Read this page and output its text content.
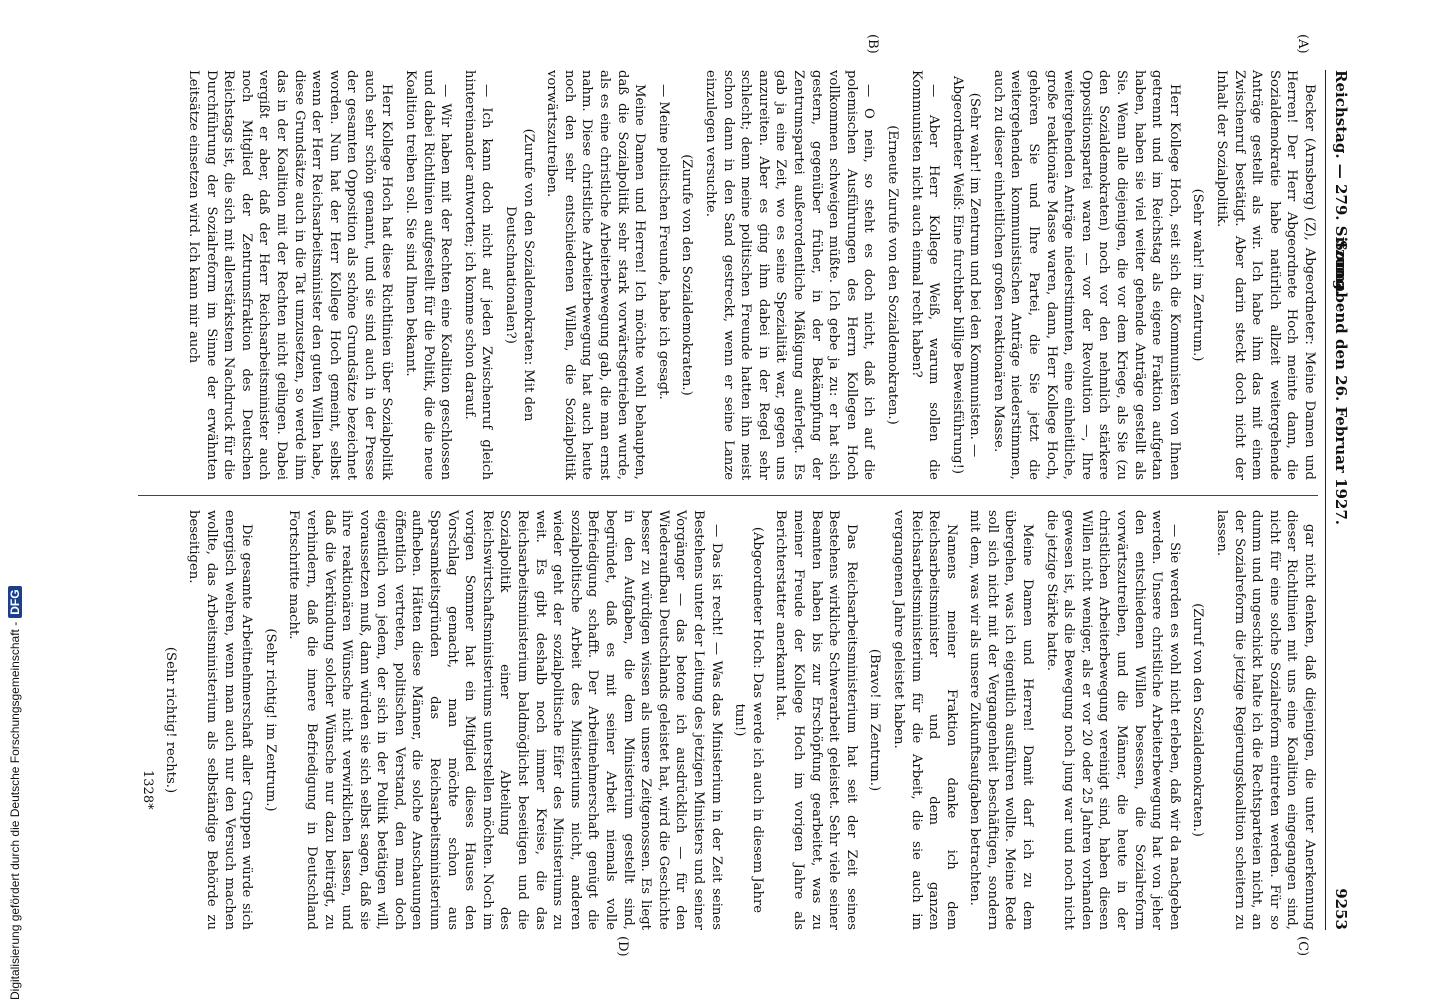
Reichstag. — 279. Sitzung.
Sonnabend den 26. Februar 1927.
9253

Becker (Arnsberg) (Z), Abgeordneter: Meine Damen und Herren! Der Herr Abgeordnete Hoch meinte dann, die Sozialdemokratie habe natürlich allzeit weitergehende Anträge gestellt als wir. Ich habe ihm das mit einem Zwischenruf bestätigt. Aber darin steckt doch nicht der Inhalt der Sozialpolitik.

(Sehr wahr! im Zentrum.)

Herr Kollege Hoch, seit sich die Kommunisten von Ihnen getrennt und im Reichstag als eigene Fraktion aufgetan haben, haben sie viel weiter gehende Anträge gestellt als Sie. Wenn alle diejenigen, die vor dem Kriege, als Sie (zu den Sozialdemokraten) noch vor den nehmlich stärkere Oppositionspartei waren — vor der Revolution —, Ihre weitergehenden Anträge niederstimmten, eine einheitliche, große reaktionäre Masse waren, dann, Herr Kollege Hoch, gehören Sie und Ihre Partei, die Sie jetzt die weitergehenden kommunistischen Anträge niederstimmen, auch zu dieser einheitlichen großen reaktionären Masse.

(Sehr wahr! im Zentrum und bei den Kommunisten. — Abgeordneter Weiß: Eine furchtbar billige Beweisführung!)

— Aber Herr Kollege Weiß, warum sollen die Kommunisten nicht auch einmal recht haben?

(Erneute Zurufe von den Sozialdemokraten.)

— O nein, so steht es doch nicht, daß ich auf die polemischen Ausführungen des Herrn Kollegen Hoch vollkommen schweigen müßte. Ich gebe ja zu: er hat sich gestern, gegenüber früher, in der Bekämpfung der Zentrumspartei außerordentliche Mäßigung auferlegt. Es gab ja eine Zeit, wo es seine Spezialität war, gegen uns anzureiten. Aber es ging ihm dabei in der Regel sehr schlecht; denn meine politischen Freunde hatten ihn meist schon dann in den Sand gestreckt, wenn er seine Lanze einzulegen versuchte.

(Zurufe von den Sozialdemokraten.)

— Meine politischen Freunde, habe ich gesagt.

Meine Damen und Herren! Ich möchte wohl behaupten, daß die Sozialpolitik sehr stark vorwärtsgetrieben wurde, als es eine christliche Arbeiterbewegung gab, die man ernst nahm. Diese christliche Arbeiterbewegung hat auch heute noch den sehr entschiedenen Willen, die Sozialpolitik vorwärtszutreiben.

(Zurufe von den Sozialdemokraten: Mit den Deutschnationalen?)

— Ich kann doch nicht auf jeden Zwischenruf gleich hintereinander antworten; ich komme schon darauf.

— Wir haben mit der Rechten eine Koalition geschlossen und dabei Richtlinien aufgestellt für die Politik, die die neue Koalition treiben soll. Sie sind Ihnen bekannt.

Herr Kollege Hoch hat diese Richtlinien über Sozialpolitik auch sehr schön genannt, und sie sind auch in der Presse der gesamten Opposition als schöne Grundsätze bezeichnet worden. Nun hat der Herr Kollege Hoch gemeint, selbst wenn der Herr Reichsarbeitsminister den guten Willen habe, diese Grundsätze auch in die Tat umzusetzen, so werde ihm das in der Koalition mit der Rechten nicht gelingen. Dabei vergißt er aber, daß der Herr Reichsarbeitsminister auch noch Mitglied der Zentrumsfraktion des Deutschen Reichstags ist, die sich mit allerstärkstem Nachdruck für die Durchführung der Sozialreform im Sinne der erwähnten Leitsätze einsetzen wird. Ich kann mir auch

gar nicht denken, daß diejenigen, die unter Anerkennung dieser Richtlinien mit uns eine Koalition eingegangen sind, nicht für eine solche Sozialreform eintreten werden. Für so dumm und ungeschickt halte ich die Rechtsparteien nicht, an der Sozialreform die jetzige Regierungskoalition scheitern zu lassen.

(Zuruf von den Sozialdemokraten.)

— Sie werden es wohl nicht erleben, daß wir da nachgeben werden. Unsere christliche Arbeiterbewegung hat von jeher den entschiedenen Willen besessen, die Sozialreform vorwärtszutreiben, und die Männer, die heute in der christlichen Arbeiterbewegung vereinigt sind, haben diesen Willen nicht weniger, als er vor 20 oder 25 Jahren vorhanden gewesen ist, als die Bewegung noch jung war und noch nicht die jetzige Stärke hatte.

Meine Damen und Herren! Damit darf ich zu dem übergehen, was ich eigentlich ausführen wollte. Meine Rede soll sich nicht mit der Vergangenheit beschäftigen, sondern mit dem, was wir als unsere Zukunftsaufgaben betrachten.

Namens meiner Fraktion danke ich dem Reichsarbeitsminister und dem ganzen Reichsarbeitsministerium für die Arbeit, die sie auch im vergangenen Jahre geleistet haben.

(Bravo! im Zentrum.)

Das Reichsarbeitsministerium hat seit der Zeit seines Bestehens wirkliche Schwerarbeit geleistet. Sehr viele seiner Beamten haben bis zur Erschöpfung gearbeitet, was zu meiner Freude der Kollege Hoch im vorigen Jahre als Berichterstatter anerkannt hat.

(Abgeordneter Hoch: Das werde ich auch in diesem Jahre tun!)

— Das ist recht! — Was das Ministerium in der Zeit seines Bestehens unter der Leitung des jetzigen Ministers und seiner Vorgänger — das betone ich ausdrücklich — für den Wiederaufbau Deutschlands geleistet hat, wird die Geschichte besser zu würdigen wissen als unsere Zeitgenossen. Es liegt in den Aufgaben, die dem Ministerium gestellt sind, begründet, daß es mit seiner Arbeit niemals volle Befriedigung schafft. Der Arbeitnehmerschaft genügt die sozialpolitische Arbeit des Ministeriums nicht, anderen wieder geht der sozialpolitische Eifer des Ministeriums zu weit. Es gibt deshalb noch immer Kreise, die das Reichsarbeitsministerium baldmöglichst beseitigen und die Sozialpolitik einer Abteilung des Reichswirtschaftsministeriums unterstellen möchten. Noch im vorigen Sommer hat ein Mitglied dieses Hauses den Vorschlag gemacht, man möchte schon aus Sparsamkeitsgründen das Reichsarbeitsministerium aufheben. Hätten diese Männer, die solche Anschauungen öffentlich vertreten, politischen Verstand, den man doch eigentlich von jedem, der sich in der Politik betätigen will, voraussetzen muß, dann würden sie sich selbst sagen, daß sie ihre reaktionären Wünsche nicht verwirklichen lassen, und daß die Verkündung solcher Wünsche nur dazu beiträgt, zu verhindern, daß die innere Befriedigung in Deutschland Fortschritte macht.

(Sehr richtig! im Zentrum.)

Die gesamte Arbeitnehmerschaft aller Gruppen würde sich energisch wehren, wenn man auch nur den Versuch machen wollte, das Arbeitsministerium als selbständige Behörde zu beseitigen.

(Sehr richtig! rechts.)

(A)
(B)
(C)
(D)
1328*
Digitalisierung gefördert durch die Deutsche Forschungsgemeinschaft -DFG
